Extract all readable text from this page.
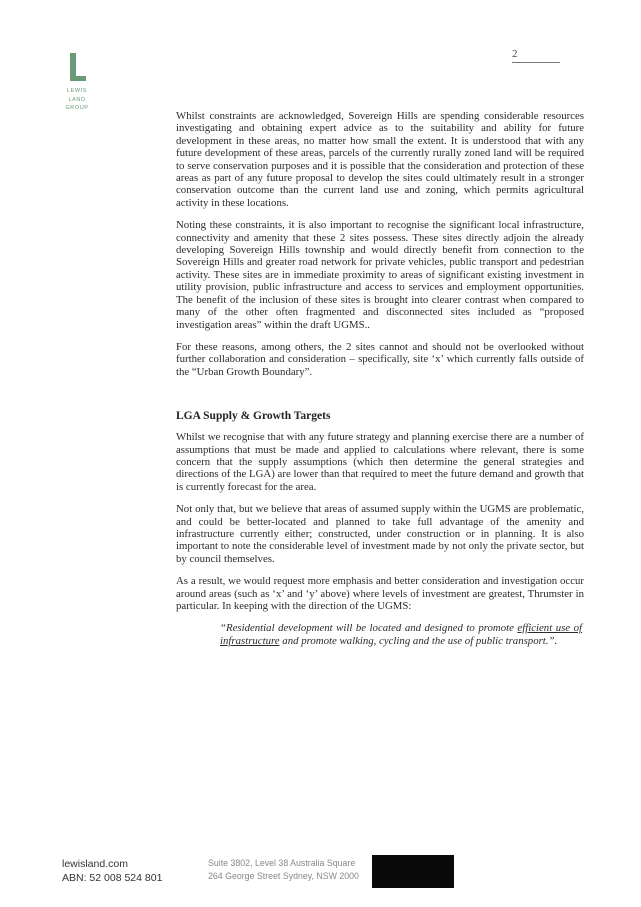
LEWIS
LAND
GROUP
2

Whilst constraints are acknowledged, Sovereign Hills are spending considerable resources investigating and obtaining expert advice as to the suitability and ability for future development in these areas, no matter how small the extent. It is understood that with any future development of these areas, parcels of the currently rurally zoned land will be required to serve conservation purposes and it is possible that the consideration and protection of these areas as part of any future proposal to develop the sites could ultimately result in a stronger conservation outcome than the current land use and zoning, which permits agricultural activity in these locations.

Noting these constraints, it is also important to recognise the significant local infrastructure, connectivity and amenity that these 2 sites possess. These sites directly adjoin the already developing Sovereign Hills township and would directly benefit from connection to the Sovereign Hills and greater road network for private vehicles, public transport and pedestrian activity. These sites are in immediate proximity to areas of significant existing investment in utility provision, public infrastructure and access to services and employment opportunities. The benefit of the inclusion of these sites is brought into clearer contrast when compared to many of the other often fragmented and disconnected sites included as “proposed investigation areas” within the draft UGMS..

For these reasons, among others, the 2 sites cannot and should not be overlooked without further collaboration and consideration – specifically, site ‘x’ which currently falls outside of the “Urban Growth Boundary”.

LGA Supply & Growth Targets

Whilst we recognise that with any future strategy and planning exercise there are a number of assumptions that must be made and applied to calculations where relevant, there is some concern that the supply assumptions (which then determine the general strategies and directions of the LGA) are lower than that required to meet the future demand and growth that is currently forecast for the area.

Not only that, but we believe that areas of assumed supply within the UGMS are problematic, and could be better-located and planned to take full advantage of the amenity and infrastructure currently either; constructed, under construction or in planning. It is also important to note the considerable level of investment made by not only the private sector, but by council themselves.

As a result, we would request more emphasis and better consideration and investigation occur around areas (such as ‘x’ and ‘y’ above) where levels of investment are greatest, Thrumster in particular. In keeping with the direction of the UGMS:

“Residential development will be located and designed to promote efficient use of infrastructure and promote walking, cycling and the use of public transport.”.
lewisland.com
ABN: 52 008 524 801
Suite 3802, Level 38 Australia Square
264 George Street Sydney, NSW 2000
